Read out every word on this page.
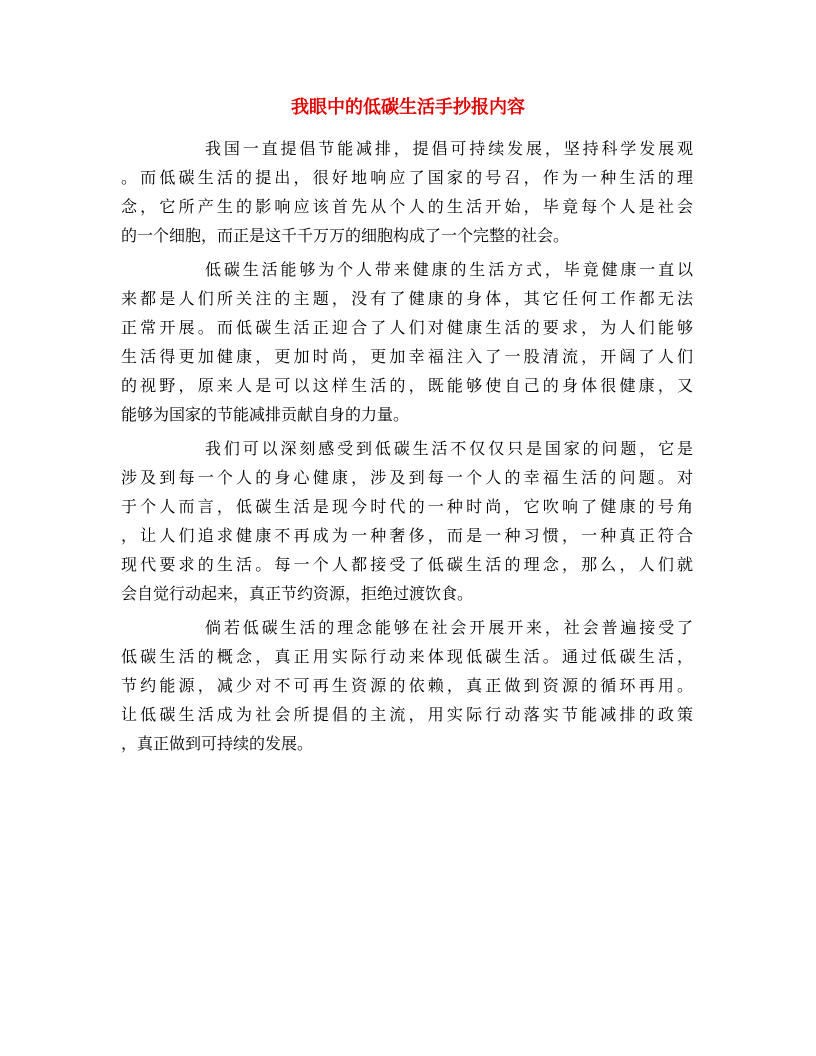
我眼中的低碳生活手抄报内容
我国一直提倡节能减排，提倡可持续发展，坚持科学发展观
。而低碳生活的提出，很好地响应了国家的号召，作为一种生活的理
念，它所产生的影响应该首先从个人的生活开始，毕竟每个人是社会
的一个细胞，而正是这千千万万的细胞构成了一个完整的社会。
低碳生活能够为个人带来健康的生活方式，毕竟健康一直以
来都是人们所关注的主题，没有了健康的身体，其它任何工作都无法
正常开展。而低碳生活正迎合了人们对健康生活的要求，为人们能够
生活得更加健康，更加时尚，更加幸福注入了一股清流，开阔了人们
的视野，原来人是可以这样生活的，既能够使自己的身体很健康，又
能够为国家的节能减排贡献自身的力量。
我们可以深刻感受到低碳生活不仅仅只是国家的问题，它是
涉及到每一个人的身心健康，涉及到每一个人的幸福生活的问题。对
于个人而言，低碳生活是现今时代的一种时尚，它吹响了健康的号角
，让人们追求健康不再成为一种奢侈，而是一种习惯，一种真正符合
现代要求的生活。每一个人都接受了低碳生活的理念，那么，人们就
会自觉行动起来，真正节约资源，拒绝过渡饮食。
倘若低碳生活的理念能够在社会开展开来，社会普遍接受了
低碳生活的概念，真正用实际行动来体现低碳生活。通过低碳生活，
节约能源，减少对不可再生资源的依赖，真正做到资源的循环再用。
让低碳生活成为社会所提倡的主流，用实际行动落实节能减排的政策
，真正做到可持续的发展。
